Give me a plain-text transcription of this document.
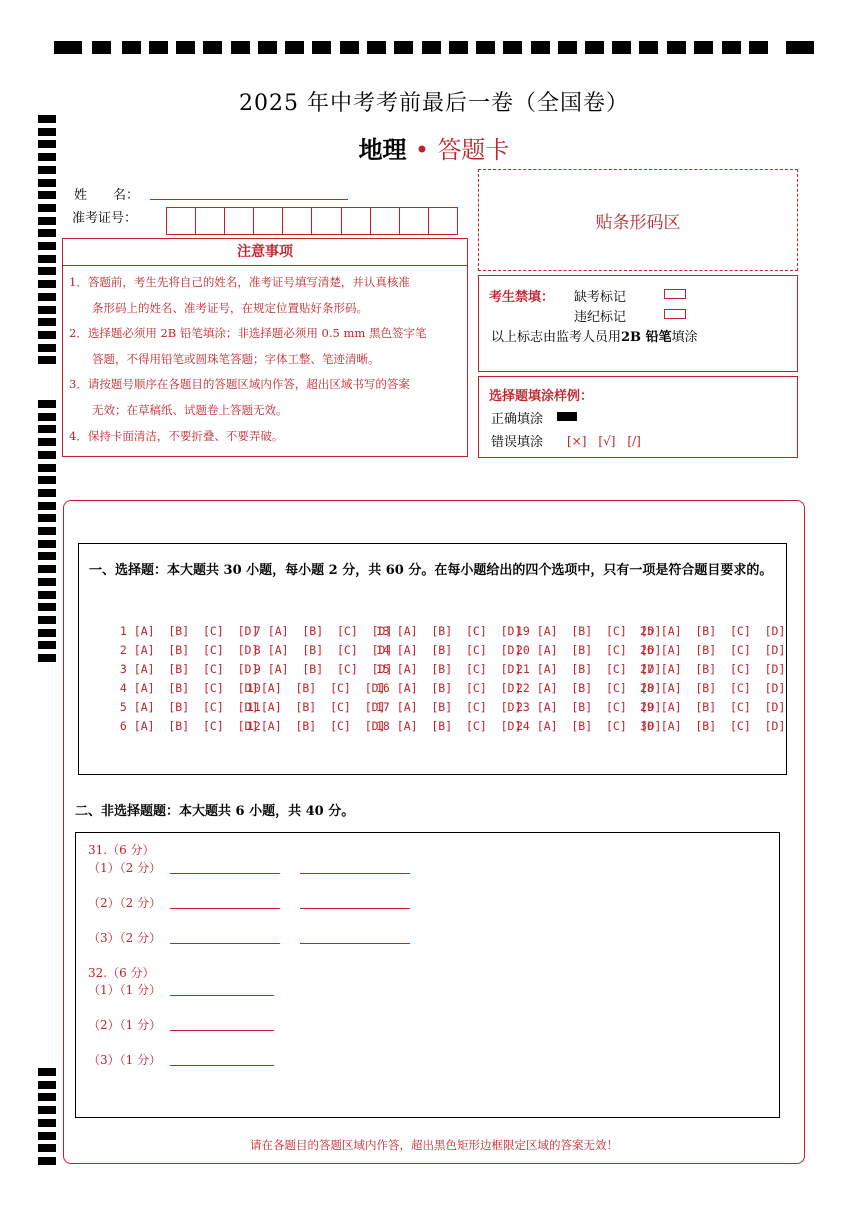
2025 年中考考前最后一卷（全国卷）
地理 • 答题卡
姓　　名：
准考证号：
注意事项
1．答题前，考生先将自己的姓名，准考证号填写清楚，并认真核准
　　条形码上的姓名、准考证号，在规定位置贴好条形码。
2．选择题必须用 2B 铅笔填涂；非选择题必须用 0.5 mm 黑色签字笔
　　答题，不得用铅笔或圆珠笔答题；字体工整、笔迹清晰。
3．请按题号顺序在各题目的答题区域内作答，超出区域书写的答案
　　无效；在草稿纸、试题卷上答题无效。
4．保持卡面清洁，不要折叠、不要弄破。
贴条形码区
考生禁填： 缺考标记
违纪标记
以上标志由监考人员用2B 铅笔填涂
选择题填涂样例：
正确填涂
错误填涂 [×]　[√]　[/]
一、选择题：本大题共 30 小题，每小题 2 分，共 60 分。在每小题给出的四个选项中，只有一项是符合题目要求的。
1 [A]  [B]  [C]  [D]
2 [A]  [B]  [C]  [D]
3 [A]  [B]  [C]  [D]
4 [A]  [B]  [C]  [D]
5 [A]  [B]  [C]  [D]
6 [A]  [B]  [C]  [D]
7 [A]  [B]  [C]  [D]
8 [A]  [B]  [C]  [D]
9 [A]  [B]  [C]  [D]
10[A]  [B]  [C]  [D]
11[A]  [B]  [C]  [D]
12[A]  [B]  [C]  [D]
13 [A]  [B]  [C]  [D]
14 [A]  [B]  [C]  [D]
15 [A]  [B]  [C]  [D]
16 [A]  [B]  [C]  [D]
17 [A]  [B]  [C]  [D]
18 [A]  [B]  [C]  [D]
19 [A]  [B]  [C]  [D]
20 [A]  [B]  [C]  [D]
21 [A]  [B]  [C]  [D]
22 [A]  [B]  [C]  [D]
23 [A]  [B]  [C]  [D]
24 [A]  [B]  [C]  [D]
25 [A]  [B]  [C]  [D]
26 [A]  [B]  [C]  [D]
27 [A]  [B]  [C]  [D]
28 [A]  [B]  [C]  [D]
29 [A]  [B]  [C]  [D]
30 [A]  [B]  [C]  [D]
二、非选择题题：本大题共 6 小题，共 40 分。
31.（6 分）
（1）（2 分）
（2）（2 分）
（3）（2 分）
32.（6 分）
（1）（1 分）
（2）（1 分）
（3）（1 分）
请在各题目的答题区域内作答，超出黑色矩形边框限定区域的答案无效！
